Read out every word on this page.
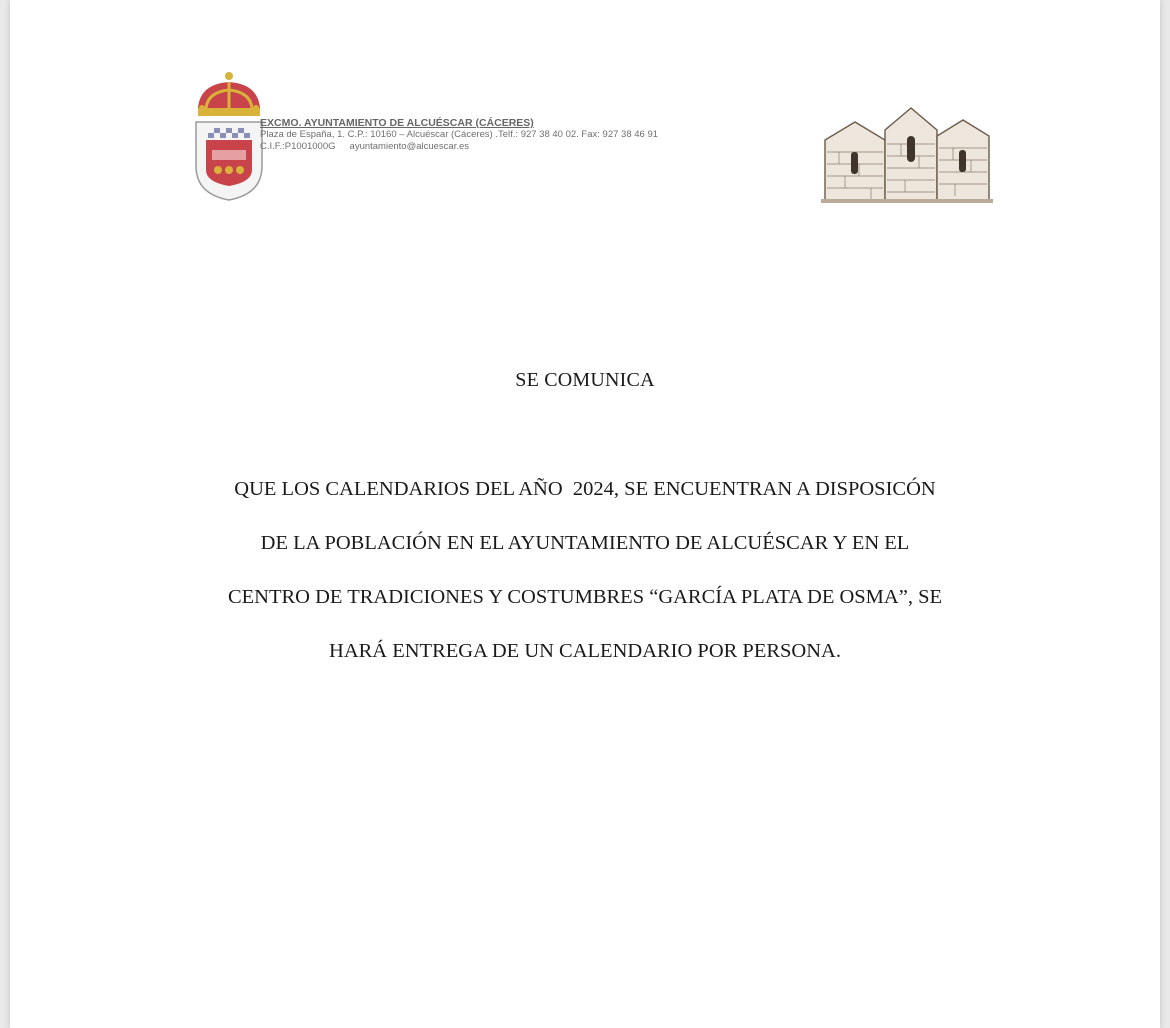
EXCMO. AYUNTAMIENTO DE ALCUÉSCAR (CÁCERES)
Plaza de España, 1. C.P.: 10160 – Alcuéscar (Cáceres) .Telf.: 927 38 40 02. Fax: 927 38 46 91
C.I.F.:P1001000G ayuntamiento@alcuescar.es
SE COMUNICA
QUE LOS CALENDARIOS DEL AÑO  2024, SE ENCUENTRAN A DISPOSICÓN
DE LA POBLACIÓN EN EL AYUNTAMIENTO DE ALCUÉSCAR Y EN EL
CENTRO DE TRADICIONES Y COSTUMBRES “GARCÍA PLATA DE OSMA”, SE
HARÁ ENTREGA DE UN CALENDARIO POR PERSONA.
